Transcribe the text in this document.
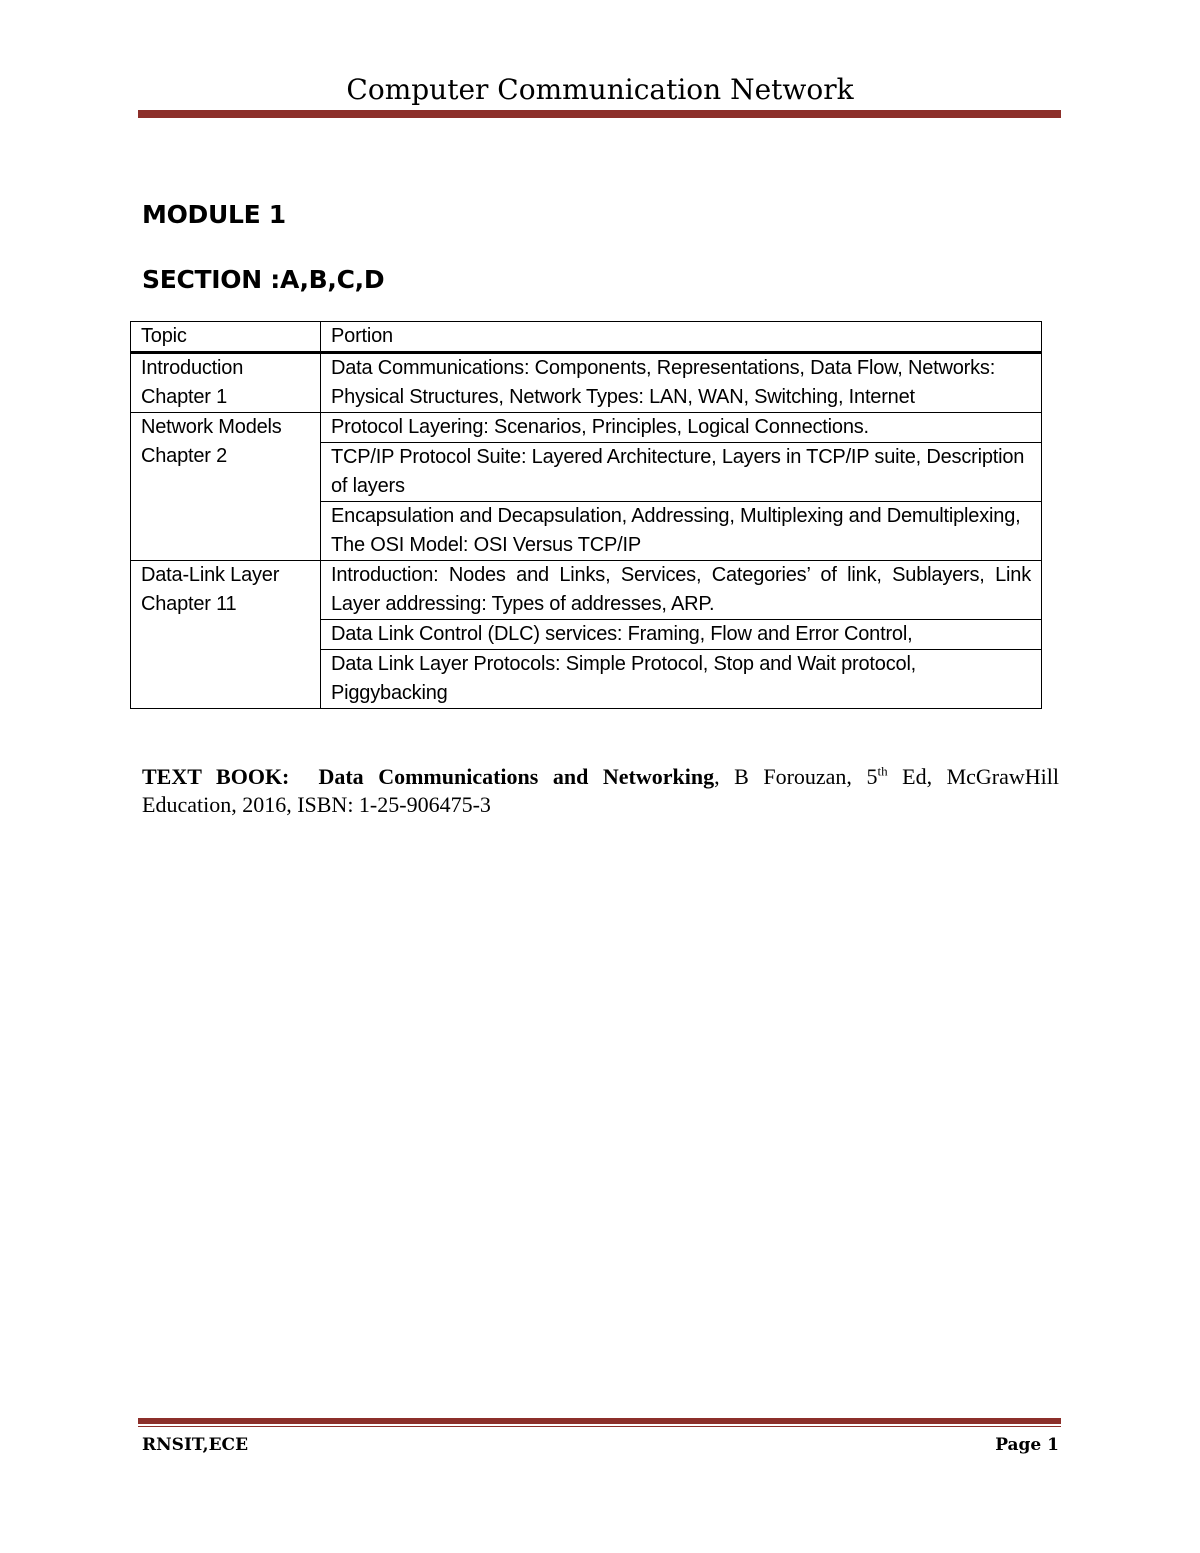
Computer Communication Network
MODULE 1
SECTION :A,B,C,D
Topic	Portion

Introduction
Chapter 1	Data Communications: Components, Representations, Data Flow, Networks: Physical Structures, Network Types: LAN, WAN, Switching, Internet

Network Models
Chapter 2	Protocol Layering: Scenarios, Principles, Logical Connections.
	TCP/IP Protocol Suite: Layered Architecture, Layers in TCP/IP suite, Description of layers
	Encapsulation and Decapsulation, Addressing, Multiplexing and Demultiplexing, The OSI Model: OSI Versus TCP/IP

Data-Link Layer
Chapter 11	Introduction: Nodes and Links, Services, Categories’ of link, Sublayers, Link Layer addressing: Types of addresses, ARP.
	Data Link Control (DLC) services: Framing, Flow and Error Control,
	Data Link Layer Protocols: Simple Protocol, Stop and Wait protocol, Piggybacking
TEXT BOOK: Data Communications and Networking, B Forouzan, 5th Ed, McGrawHill Education, 2016, ISBN: 1-25-906475-3
RNSIT,ECE	Page 1
